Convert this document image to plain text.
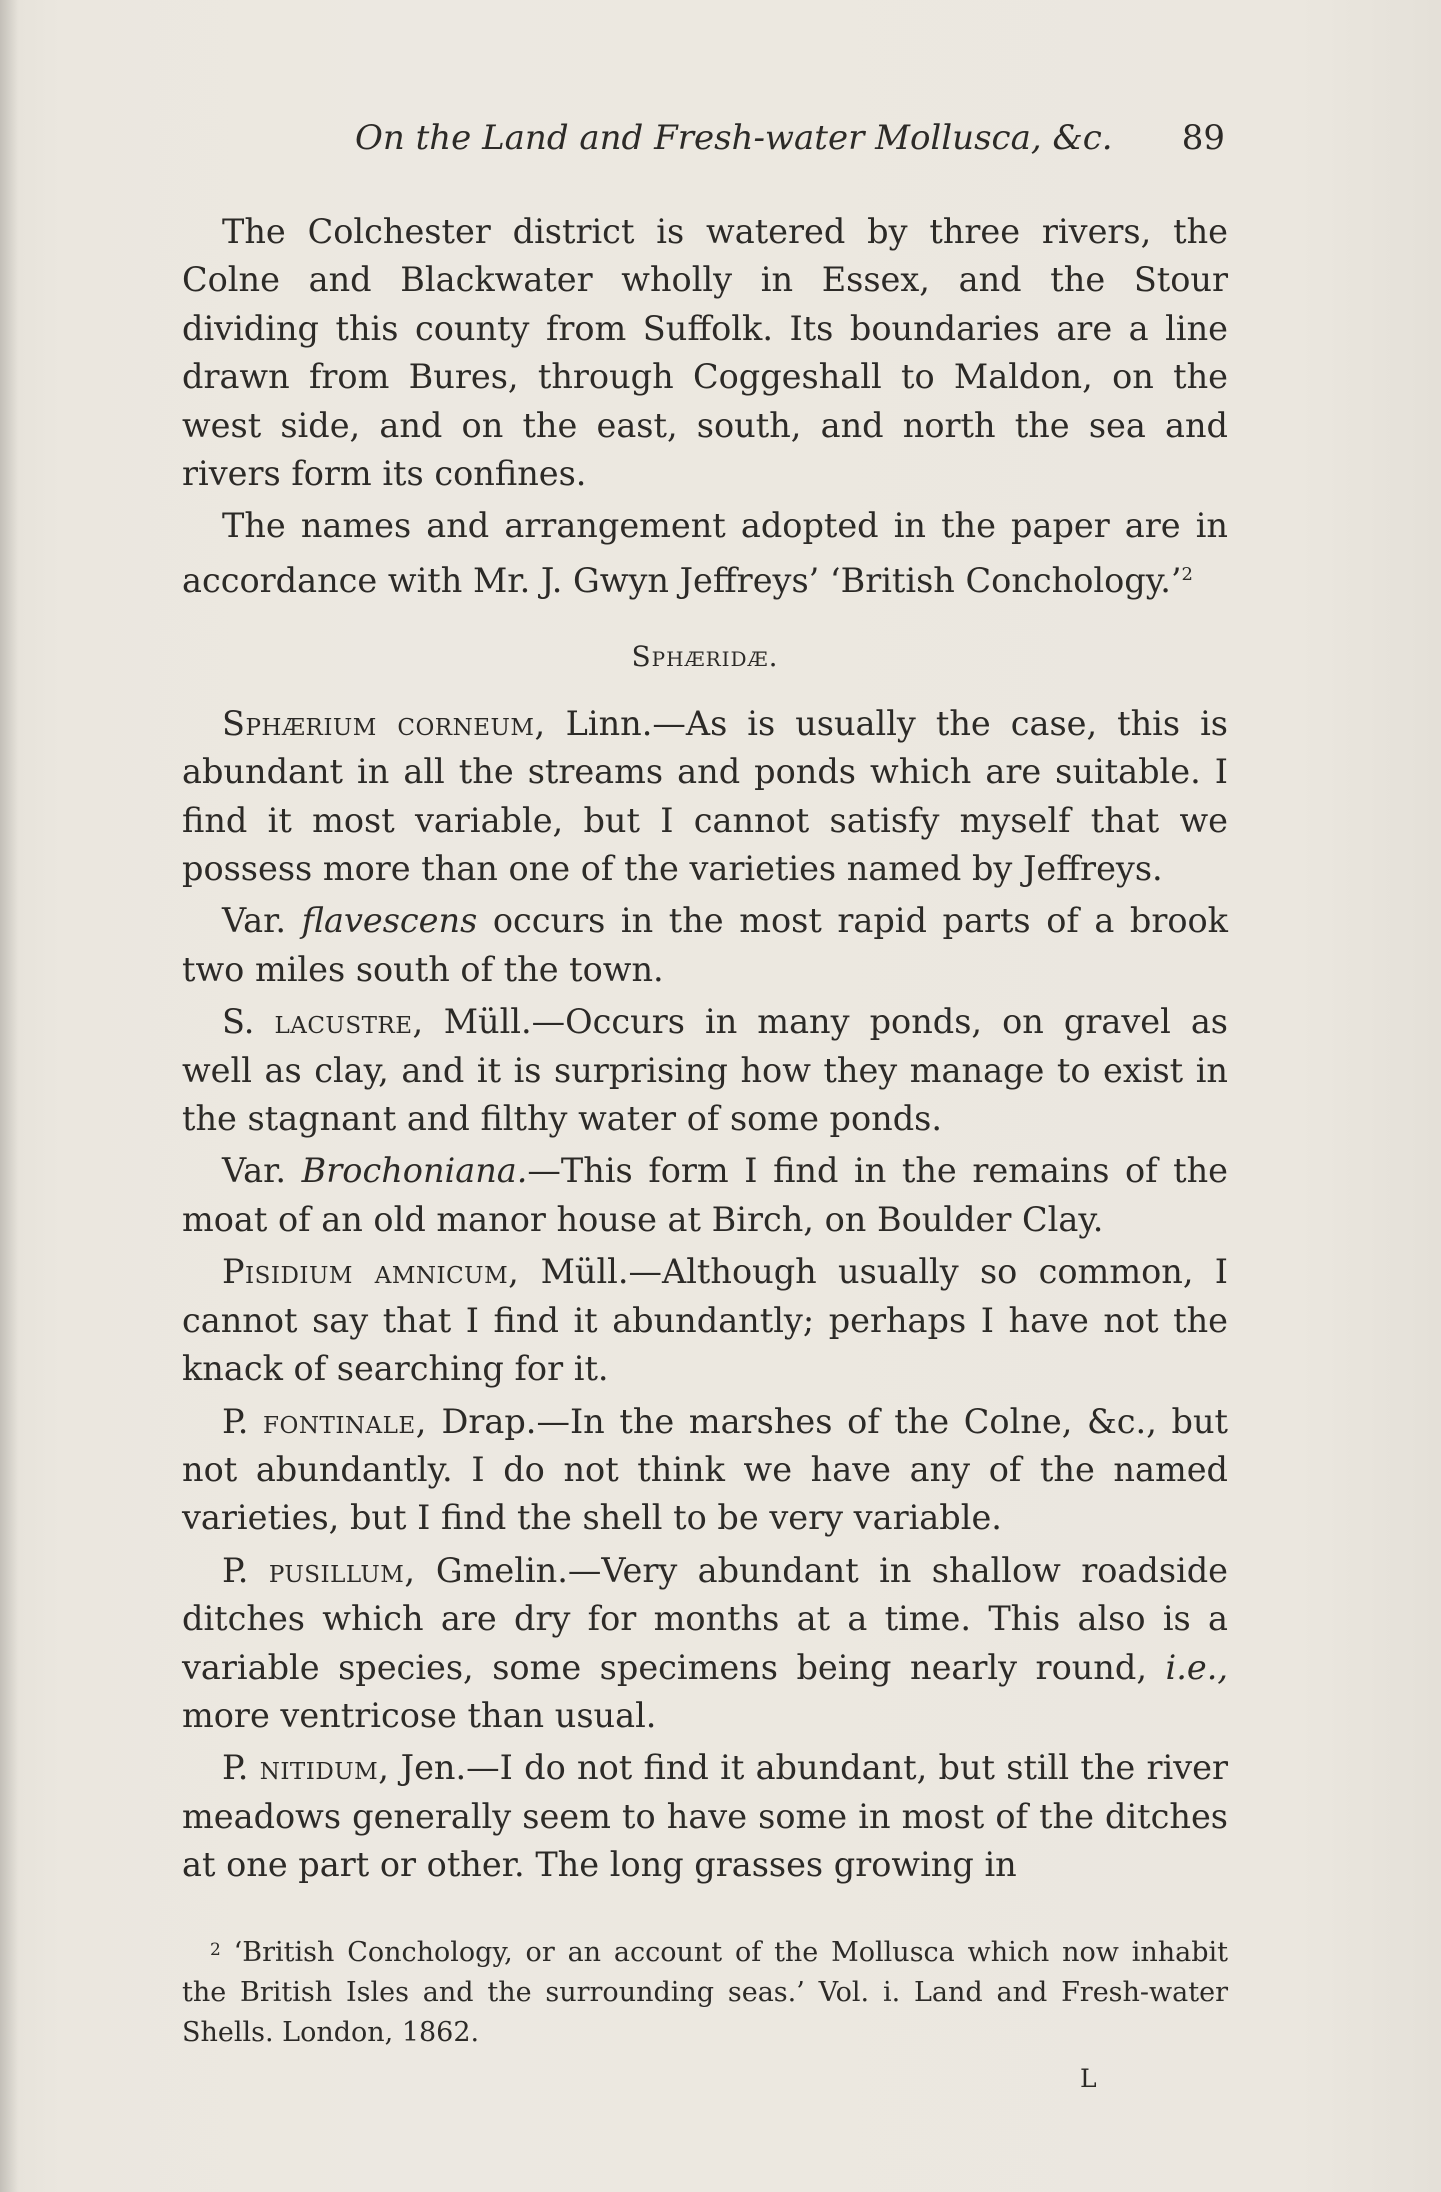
On the Land and Fresh-water Mollusca, &c. 89

The Colchester district is watered by three rivers, the Colne and Blackwater wholly in Essex, and the Stour dividing this county from Suffolk. Its boundaries are a line drawn from Bures, through Coggeshall to Maldon, on the west side, and on the east, south, and north the sea and rivers form its confines.

The names and arrangement adopted in the paper are in accordance with Mr. J. Gwyn Jeffreys’ ‘British Conchology.’$^2$

Sphæridæ.

Sphærium corneum, Linn.—As is usually the case, this is abundant in all the streams and ponds which are suitable. I find it most variable, but I cannot satisfy myself that we possess more than one of the varieties named by Jeffreys.

Var. flavescens occurs in the most rapid parts of a brook two miles south of the town.

S. lacustre, Müll.—Occurs in many ponds, on gravel as well as clay, and it is surprising how they manage to exist in the stagnant and filthy water of some ponds.

Var. Brochoniana.—This form I find in the remains of the moat of an old manor house at Birch, on Boulder Clay.

Pisidium amnicum, Müll.—Although usually so common, I cannot say that I find it abundantly; perhaps I have not the knack of searching for it.

P. fontinale, Drap.—In the marshes of the Colne, &c., but not abundantly. I do not think we have any of the named varieties, but I find the shell to be very variable.

P. pusillum, Gmelin.—Very abundant in shallow roadside ditches which are dry for months at a time. This also is a variable species, some specimens being nearly round, i.e., more ventricose than usual.

P. nitidum, Jen.—I do not find it abundant, but still the river meadows generally seem to have some in most of the ditches at one part or other. The long grasses growing in

$^2$ ‘British Conchology, or an account of the Mollusca which now inhabit the British Isles and the surrounding seas.’ Vol. i. Land and Fresh-water Shells. London, 1862.

L
